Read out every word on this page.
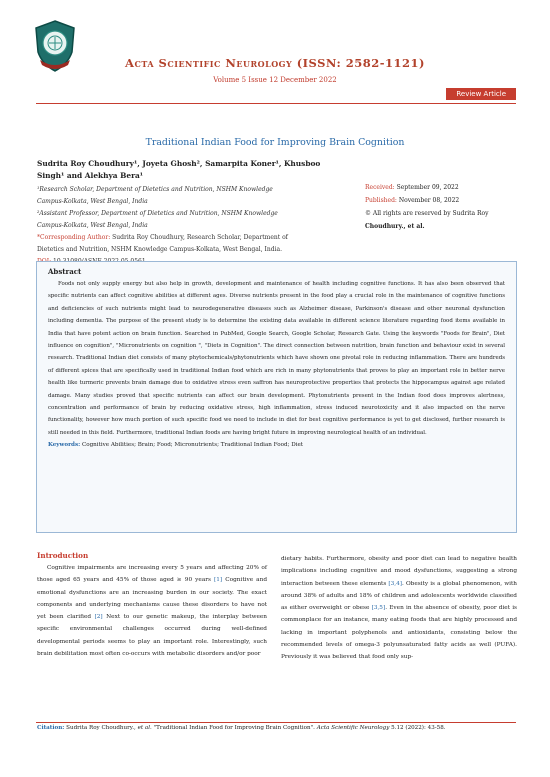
Acta Scientific Neurology (ISSN: 2582-1121)
Volume 5 Issue 12 December 2022
Review Article
Traditional Indian Food for Improving Brain Cognition
Sudrita Roy Choudhury¹, Joyeta Ghosh², Samarpita Koner¹, Khusboo
Singh¹ and Alekhya Bera¹
¹Research Scholar, Department of Dietetics and Nutrition, NSHM Knowledge
Campus-Kolkata, West Bengal, India
²Assistant Professor, Department of Dietetics and Nutrition, NSHM Knowledge
Campus-Kolkata, West Bengal, India
*Corresponding Author: Sudrita Roy Choudhury, Research Scholar, Department of
Dietetics and Nutrition, NSHM Knowledge Campus-Kolkata, West Bengal, India.

Received: September 09, 2022
Published: November 08, 2022
© All rights are reserved by Sudrita Roy
Choudhury., et al.
Abstract
Foods not only supply energy but also help in growth, development and maintenance of health including cognitive functions. It has also been observed that specific nutrients can affect cognitive abilities at different ages. Diverse nutrients present in the food play a crucial role in the maintenance of cognitive functions and deficiencies of such nutrients might lead to neurodegenerative diseases such as Alzheimer disease, Parkinson's disease and other neuronal dysfunction including dementia. The purpose of the present study is to determine the existing data available in different science literature regarding food items available in India that have potent action on brain function. Searched in PubMed, Google Search, Google Scholar, Research Gate. Using the keywords "Foods for Brain", Diet influence on cognition", "Micronutrients on cognition ", "Diets in Cognition". The direct connection between nutrition, brain function and behaviour exist in several research. Traditional Indian diet consists of many phytochemicals/phytonutrients which have shown one pivotal role in reducing inflammation. There are hundreds of different spices that are specifically used in traditional Indian food which are rich in many phytonutrients that proves to play an important role in better nerve health like turmeric prevents brain damage due to oxidative stress even saffron has neuroprotective properties that protects the hippocampus against age related damage. Many studies proved that specific nutrients can affect our brain development. Phytonutrients present in the Indian food does improves alertness, concentration and performance of brain by reducing oxidative stress, high inflammation, stress induced neurotoxicity and it also impacted on the nerve functionality, however how much portion of such specific food we need to include in diet for best cognitive performance is yet to get disclosed, further research is still needed in this field. Furthermore, traditional Indian foods are having bright future in improving neurological health of an individual.
Keywords: Cognitive Abilities; Brain; Food; Micronutrients; Traditional Indian Food; Diet
Introduction

Cognitive impairments are increasing every 5 years and affecting 20% of those aged 65 years and 45% of those aged ≥ 90 years [1] Cognitive and emotional dysfunctions are an increasing burden in our society. The exact components and underlying mechanisms cause these disorders to have not yet been clarified [2] Next to our genetic makeup, the interplay between specific environmental challenges occurred during well-defined developmental periods seems to play an important role. Interestingly, such brain debilitation most often co-occurs with metabolic disorders and/or poor

dietary habits. Furthermore, obesity and poor diet can lead to negative health implications including cognitive and mood dysfunctions, suggesting a strong interaction between these elements [3,4]. Obesity is a global phenomenon, with around 38% of adults and 18% of children and adolescents worldwide classified as either overweight or obese [3,5]. Even in the absence of obesity, poor diet is commonplace for an instance, many eating foods that are highly processed and lacking in important polyphenols and antioxidants, consisting below the recommended levels of omega-3 polyunsaturated fatty acids as well (PUFA). Previously it was believed that food only sup-

Citation: Sudrita Roy Choudhury., et al. "Traditional Indian Food for Improving Brain Cognition". Acta Scientific Neurology 5.12 (2022): 43-58.
